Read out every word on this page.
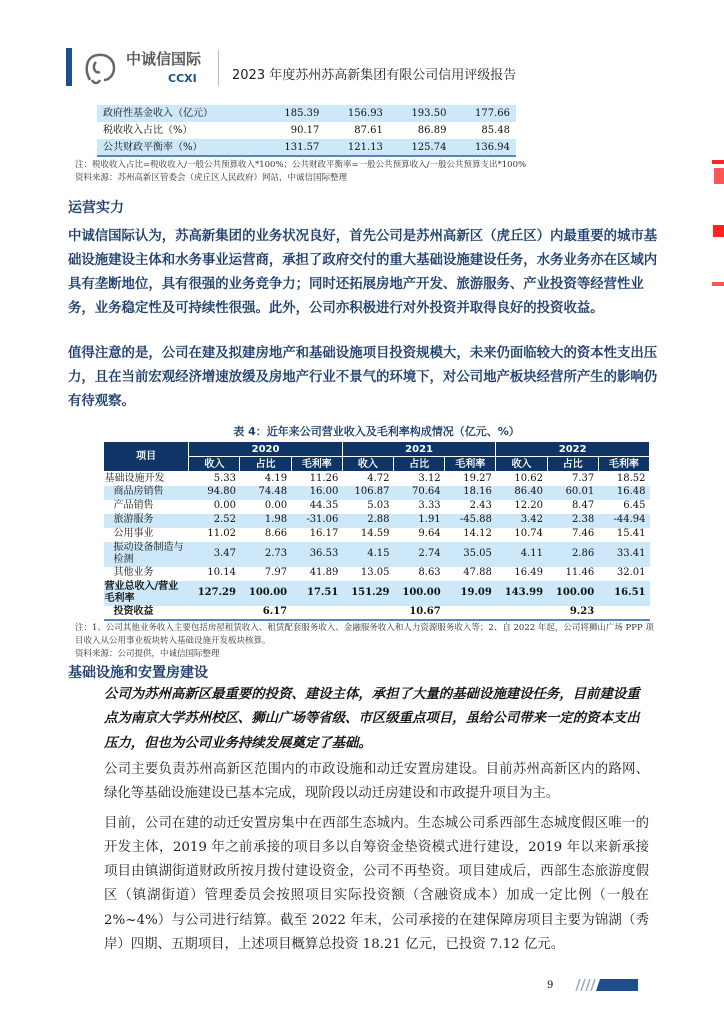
中诚信国际
CCXI	2023 年度苏州苏高新集团有限公司信用评级报告
政府性基金收入（亿元）	185.39	156.93	193.50	177.66
税收收入占比（%）	90.17	87.61	86.89	85.48
公共财政平衡率（%）	131.57	121.13	125.74	136.94
注：税收收入占比=税收收入/一般公共预算收入*100%；公共财政平衡率=一般公共预算收入/一般公共预算支出*100%
资料来源：苏州高新区管委会（虎丘区人民政府）网站，中诚信国际整理
运营实力
中诚信国际认为，苏高新集团的业务状况良好，首先公司是苏州高新区（虎丘区）内最重要的城市基础设施建设主体和水务事业运营商，承担了政府交付的重大基础设施建设任务，水务业务亦在区域内具有垄断地位，具有很强的业务竞争力；同时还拓展房地产开发、旅游服务、产业投资等经营性业务，业务稳定性及可持续性很强。此外，公司亦积极进行对外投资并取得良好的投资收益。
值得注意的是，公司在建及拟建房地产和基础设施项目投资规模大，未来仍面临较大的资本性支出压力，且在当前宏观经济增速放缓及房地产行业不景气的环境下，对公司地产板块经营所产生的影响仍有待观察。
表 4：近年来公司营业收入及毛利率构成情况（亿元、%）
项目	2020			2021			2022		
	收入	占比	毛利率	收入	占比	毛利率	收入	占比	毛利率
基础设施开发	5.33	4.19	11.26	4.72	3.12	19.27	10.62	7.37	18.52
商品房销售	94.80	74.48	16.00	106.87	70.64	18.16	86.40	60.01	16.48
产品销售	0.00	0.00	44.35	5.03	3.33	2.43	12.20	8.47	6.45
旅游服务	2.52	1.98	-31.06	2.88	1.91	-45.88	3.42	2.38	-44.94
公用事业	11.02	8.66	16.17	14.59	9.64	14.12	10.74	7.46	15.41
振动设备制造与检测	3.47	2.73	36.53	4.15	2.74	35.05	4.11	2.86	33.41
其他业务	10.14	7.97	41.89	13.05	8.63	47.88	16.49	11.46	32.01
营业总收入/营业毛利率	127.29	100.00	17.51	151.29	100.00	19.09	143.99	100.00	16.51
投资收益		6.17			10.67			9.23	
注：1、公司其他业务收入主要包括房屋租赁收入、租赁配套服务收入、金融服务收入和人力资源服务收入等；2、自 2022 年起，公司将狮山广场 PPP 项目收入从公用事业板块转入基础设施开发板块核算。
资料来源：公司提供，中诚信国际整理
基础设施和安置房建设
公司为苏州高新区最重要的投资、建设主体，承担了大量的基础设施建设任务，目前建设重点为南京大学苏州校区、狮山广场等省级、市区级重点项目，虽给公司带来一定的资本支出压力，但也为公司业务持续发展奠定了基础。
公司主要负责苏州高新区范围内的市政设施和动迁安置房建设。目前苏州高新区内的路网、绿化等基础设施建设已基本完成，现阶段以动迁房建设和市政提升项目为主。
目前，公司在建的动迁安置房集中在西部生态城内。生态城公司系西部生态城度假区唯一的开发主体，2019 年之前承接的项目多以自筹资金垫资模式进行建设，2019 年以来新承接项目由镇湖街道财政所按月拨付建设资金，公司不再垫资。项目建成后，西部生态旅游度假区（镇湖街道）管理委员会按照项目实际投资额（含融资成本）加成一定比例（一般在 2%~4%）与公司进行结算。截至 2022 年末，公司承接的在建保障房项目主要为锦湖（秀岸）四期、五期项目，上述项目概算总投资 18.21 亿元，已投资 7.12 亿元。
9
